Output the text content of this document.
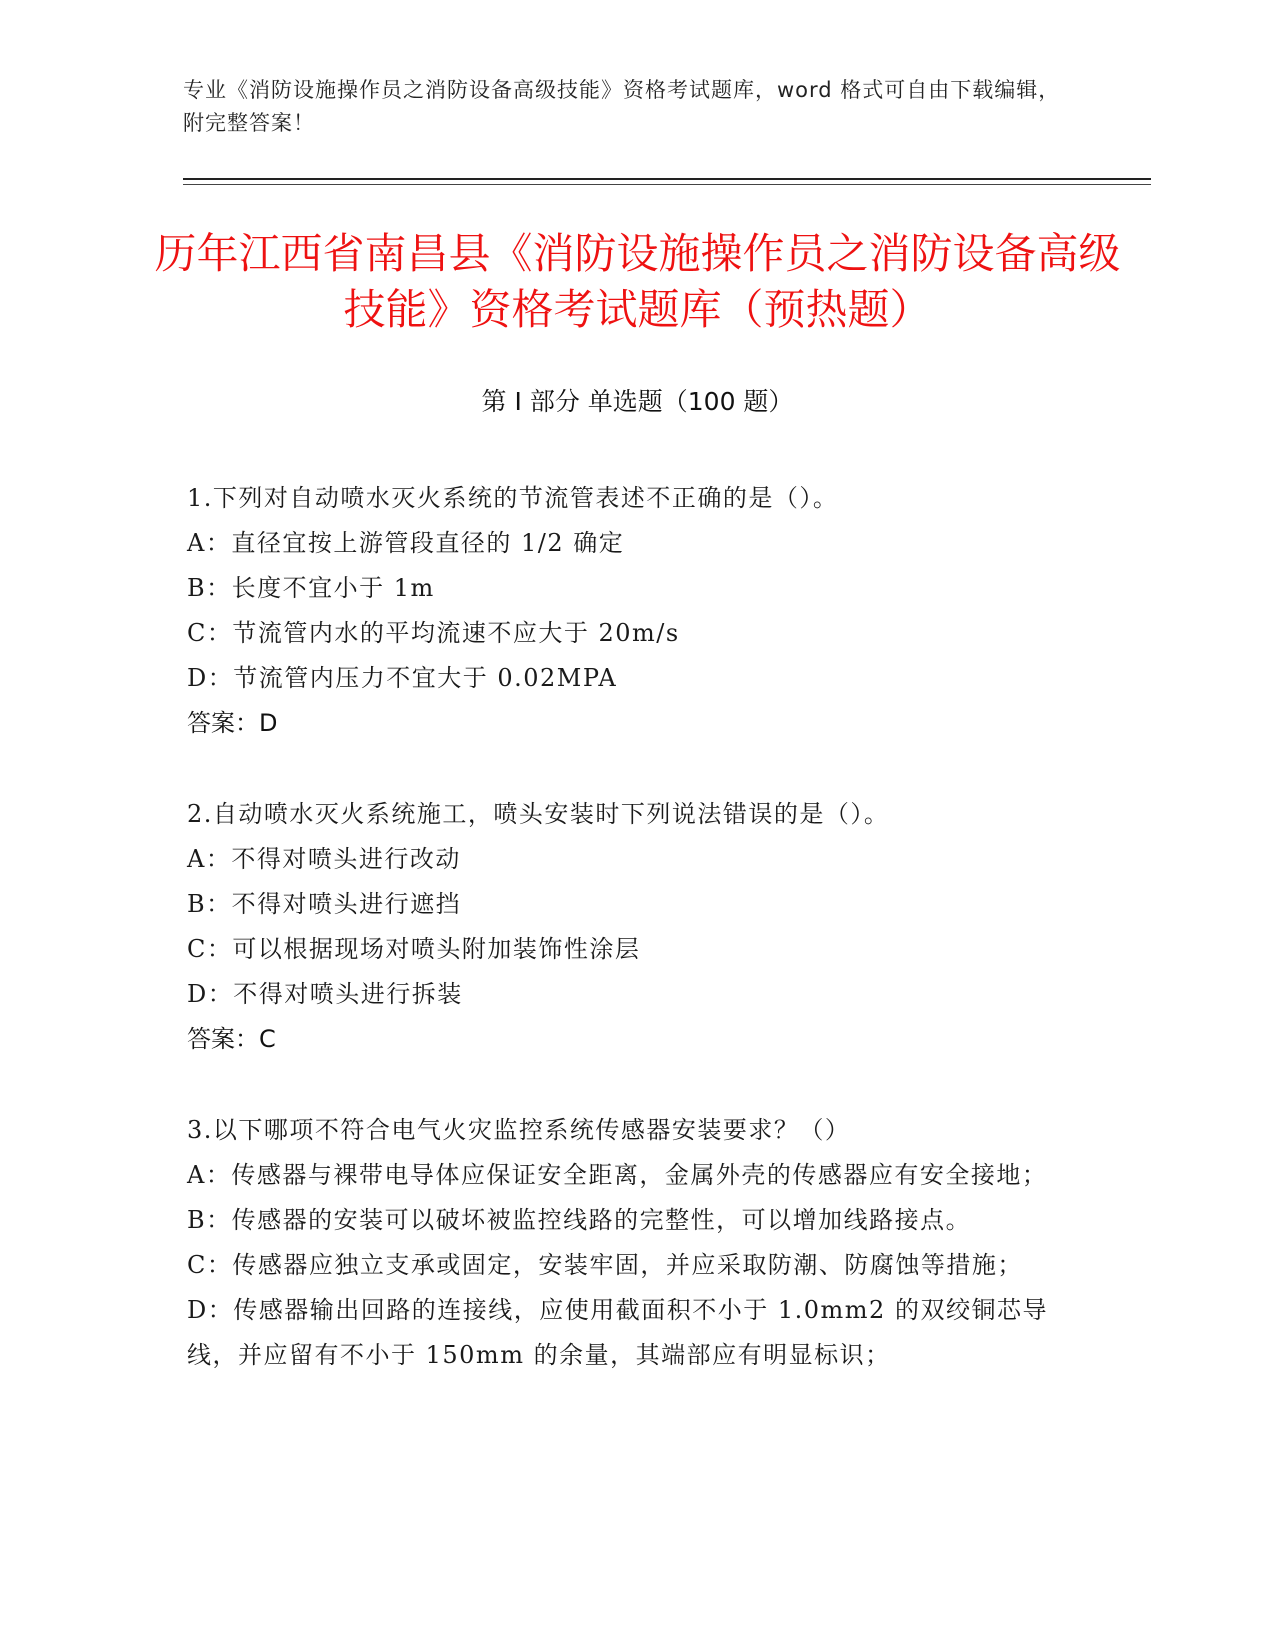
专业《消防设施操作员之消防设备高级技能》资格考试题库，word 格式可自由下载编辑，附完整答案！
历年江西省南昌县《消防设施操作员之消防设备高级技能》资格考试题库（预热题）
第 I 部分 单选题（100 题）
1.下列对自动喷水灭火系统的节流管表述不正确的是（）。
A：直径宜按上游管段直径的 1/2 确定
B：长度不宜小于 1m
C：节流管内水的平均流速不应大于 20m/s
D：节流管内压力不宜大于 0.02MPA
答案：D
2.自动喷水灭火系统施工，喷头安装时下列说法错误的是（）。
A：不得对喷头进行改动
B：不得对喷头进行遮挡
C：可以根据现场对喷头附加装饰性涂层
D：不得对喷头进行拆装
答案：C
3.以下哪项不符合电气火灾监控系统传感器安装要求？（）
A：传感器与裸带电导体应保证安全距离，金属外壳的传感器应有安全接地；
B：传感器的安装可以破坏被监控线路的完整性，可以增加线路接点。
C：传感器应独立支承或固定，安装牢固，并应采取防潮、防腐蚀等措施；
D：传感器输出回路的连接线，应使用截面积不小于 1.0mm2 的双绞铜芯导线，并应留有不小于 150mm 的余量，其端部应有明显标识；
